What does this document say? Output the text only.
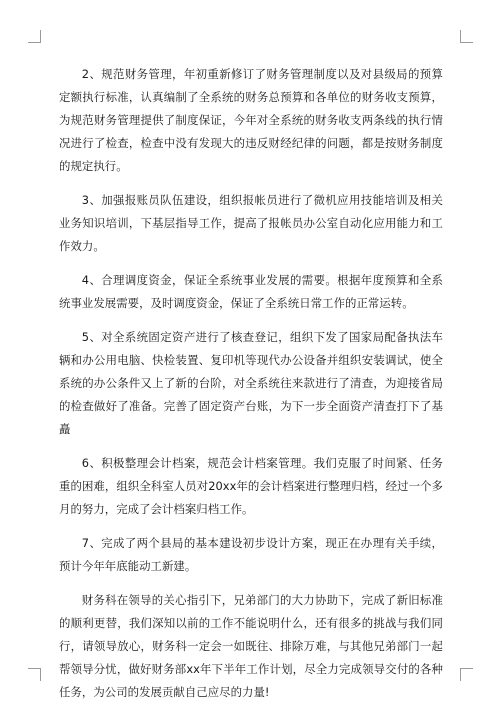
2、规范财务管理，年初重新修订了财务管理制度以及对县级局的预算定额执行标准，认真编制了全系统的财务总预算和各单位的财务收支预算，为规范财务管理提供了制度保证，今年对全系统的财务收支两条线的执行情况进行了检查，检查中没有发现大的违反财经纪律的问题，都是按财务制度的规定执行。

3、加强报账员队伍建设，组织报帐员进行了微机应用技能培训及相关业务知识培训，下基层指导工作，提高了报帐员办公室自动化应用能力和工作效力。

4、合理调度资金，保证全系统事业发展的需要。根据年度预算和全系统事业发展需要，及时调度资金，保证了全系统日常工作的正常运转。

5、对全系统固定资产进行了核查登记，组织下发了国家局配备执法车辆和办公用电脑、快检装置、复印机等现代办公设备并组织安装调试，使全系统的办公条件又上了新的台阶，对全系统往来款进行了清查，为迎接省局的检查做好了准备。完善了固定资产台账，为下一步全面资产清查打下了基矗

6、积极整理会计档案，规范会计档案管理。我们克服了时间紧、任务重的困难，组织全科室人员对20xx年的会计档案进行整理归档，经过一个多月的努力，完成了会计档案归档工作。

7、完成了两个县局的基本建设初步设计方案，现正在办理有关手续，预计今年年底能动工新建。

财务科在领导的关心指引下，兄弟部门的大力协助下，完成了新旧标准的顺利更替，我们深知以前的工作不能说明什么，还有很多的挑战与我们同行，请领导放心，财务科一定会一如既往、排除万难，与其他兄弟部门一起帮领导分忧，做好财务部xx年下半年工作计划，尽全力完成领导交付的各种任务，为公司的发展贡献自己应尽的力量!
